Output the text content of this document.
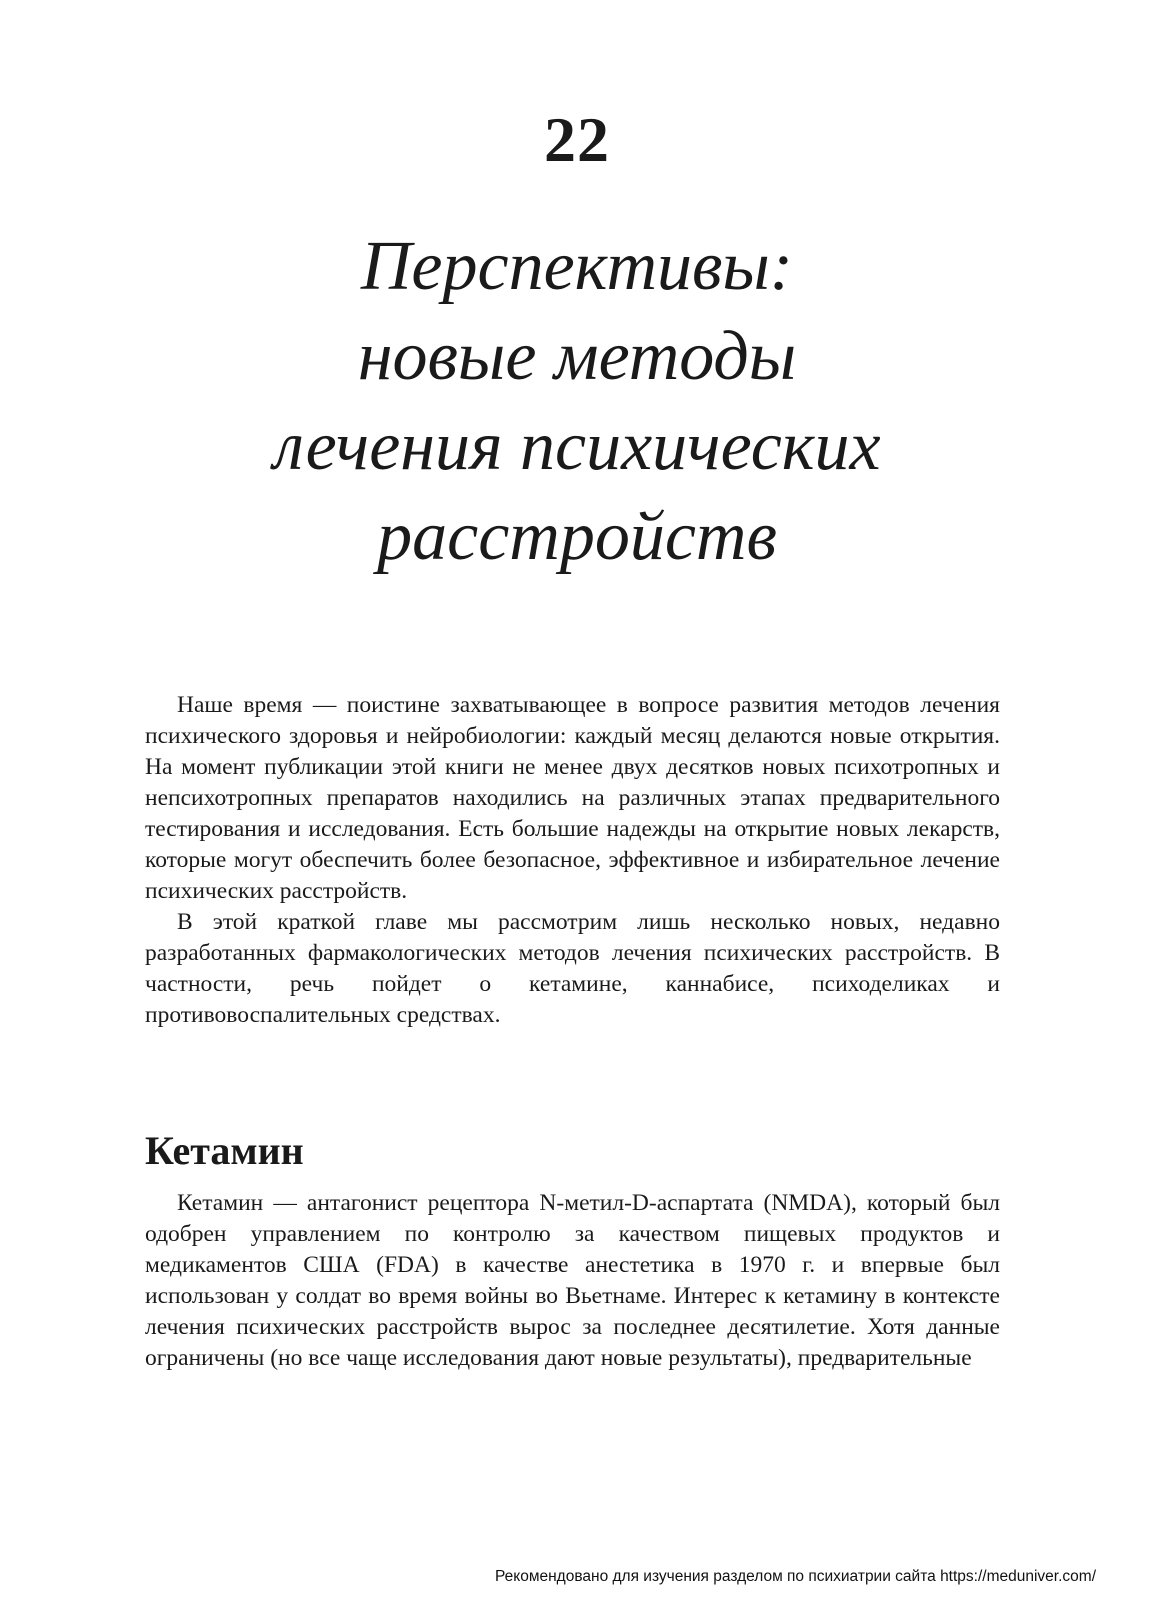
22
Перспективы:
новые методы
лечения психических
расстройств

Наше время — поистине захватывающее в вопросе развития методов лечения психического здоровья и нейробиологии: каждый месяц делаются новые открытия. На момент публикации этой книги не менее двух десятков новых психотропных и непсихотропных препаратов находились на различных этапах предварительного тестирования и исследования. Есть большие надежды на открытие новых лекарств, которые могут обеспечить более безопасное, эффективное и избирательное лечение психических расстройств.

В этой краткой главе мы рассмотрим лишь несколько новых, недавно разработанных фармакологических методов лечения психических расстройств. В частности, речь пойдет о кетамине, каннабисе, психоделиках и противовоспалительных средствах.

Кетамин

Кетамин — антагонист рецептора N-метил-D-аспартата (NMDA), который был одобрен управлением по контролю за качеством пищевых продуктов и медикаментов США (FDA) в качестве анестетика в 1970 г. и впервые был использован у солдат во время войны во Вьетнаме. Интерес к кетамину в контексте лечения психических расстройств вырос за последнее десятилетие. Хотя данные ограничены (но все чаще исследования дают новые результаты), предварительные

Рекомендовано для изучения разделом по психиатрии сайта https://meduniver.com/
